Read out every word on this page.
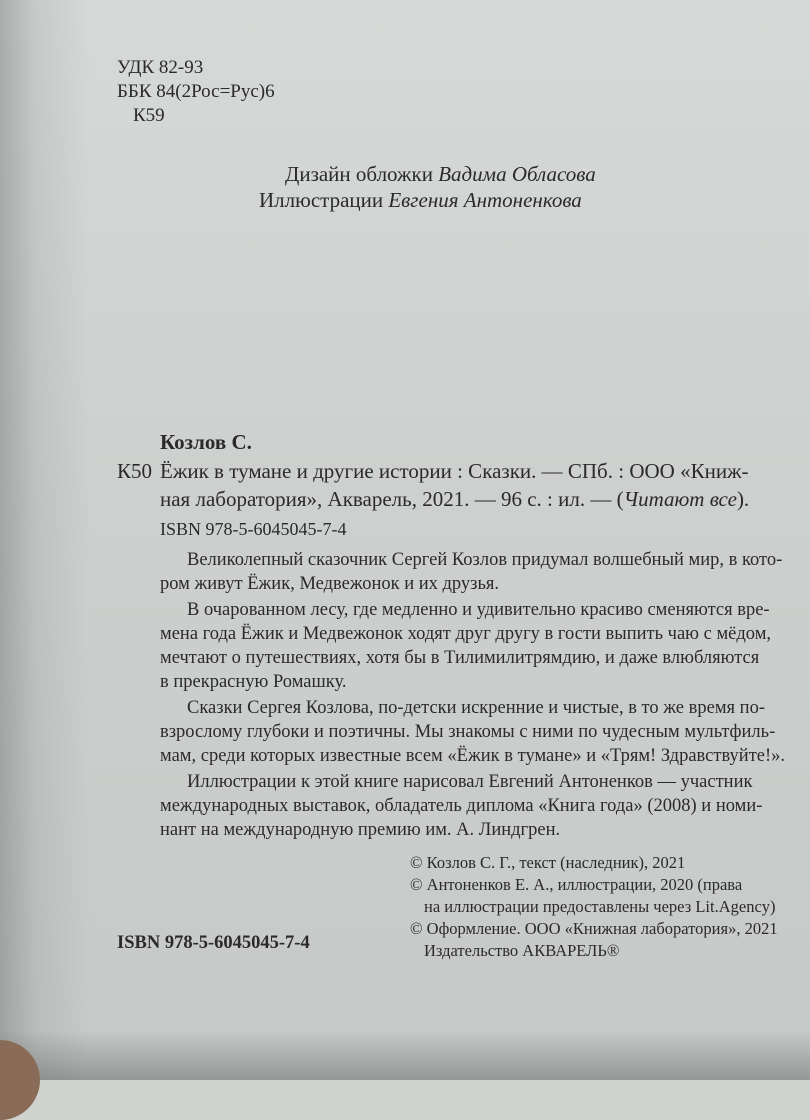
УДК 82-93
ББК 84(2Рос=Рус)6
К59
Дизайн обложки Вадима Обласова
Иллюстрации Евгения Антоненкова
Козлов С.
К50 Ёжик в тумане и другие истории : Сказки. — СПб. : ООО «Книж-
ная лаборатория», Акварель, 2021. — 96 с. : ил. — (Читают все).
ISBN 978-5-6045045-7-4
Великолепный сказочник Сергей Козлов придумал волшебный мир, в кото-
ром живут Ёжик, Медвежонок и их друзья.
В очарованном лесу, где медленно и удивительно красиво сменяются вре-
мена года Ёжик и Медвежонок ходят друг другу в гости выпить чаю с мёдом,
мечтают о путешествиях, хотя бы в Тилимилитрямдию, и даже влюбляются
в прекрасную Ромашку.
Сказки Сергея Козлова, по-детски искренние и чистые, в то же время по-
взрослому глубоки и поэтичны. Мы знакомы с ними по чудесным мультфиль-
мам, среди которых известные всем «Ёжик в тумане» и «Трям! Здравствуйте!».
Иллюстрации к этой книге нарисовал Евгений Антоненков — участник
международных выставок, обладатель диплома «Книга года» (2008) и номи-
нант на международную премию им. А. Линдгрен.
© Козлов С. Г., текст (наследник), 2021
© Антоненков Е. А., иллюстрации, 2020 (права
на иллюстрации предоставлены через Lit.Agency)
© Оформление. ООО «Книжная лаборатория», 2021
Издательство АКВАРЕЛЬ®
ISBN 978-5-6045045-7-4
